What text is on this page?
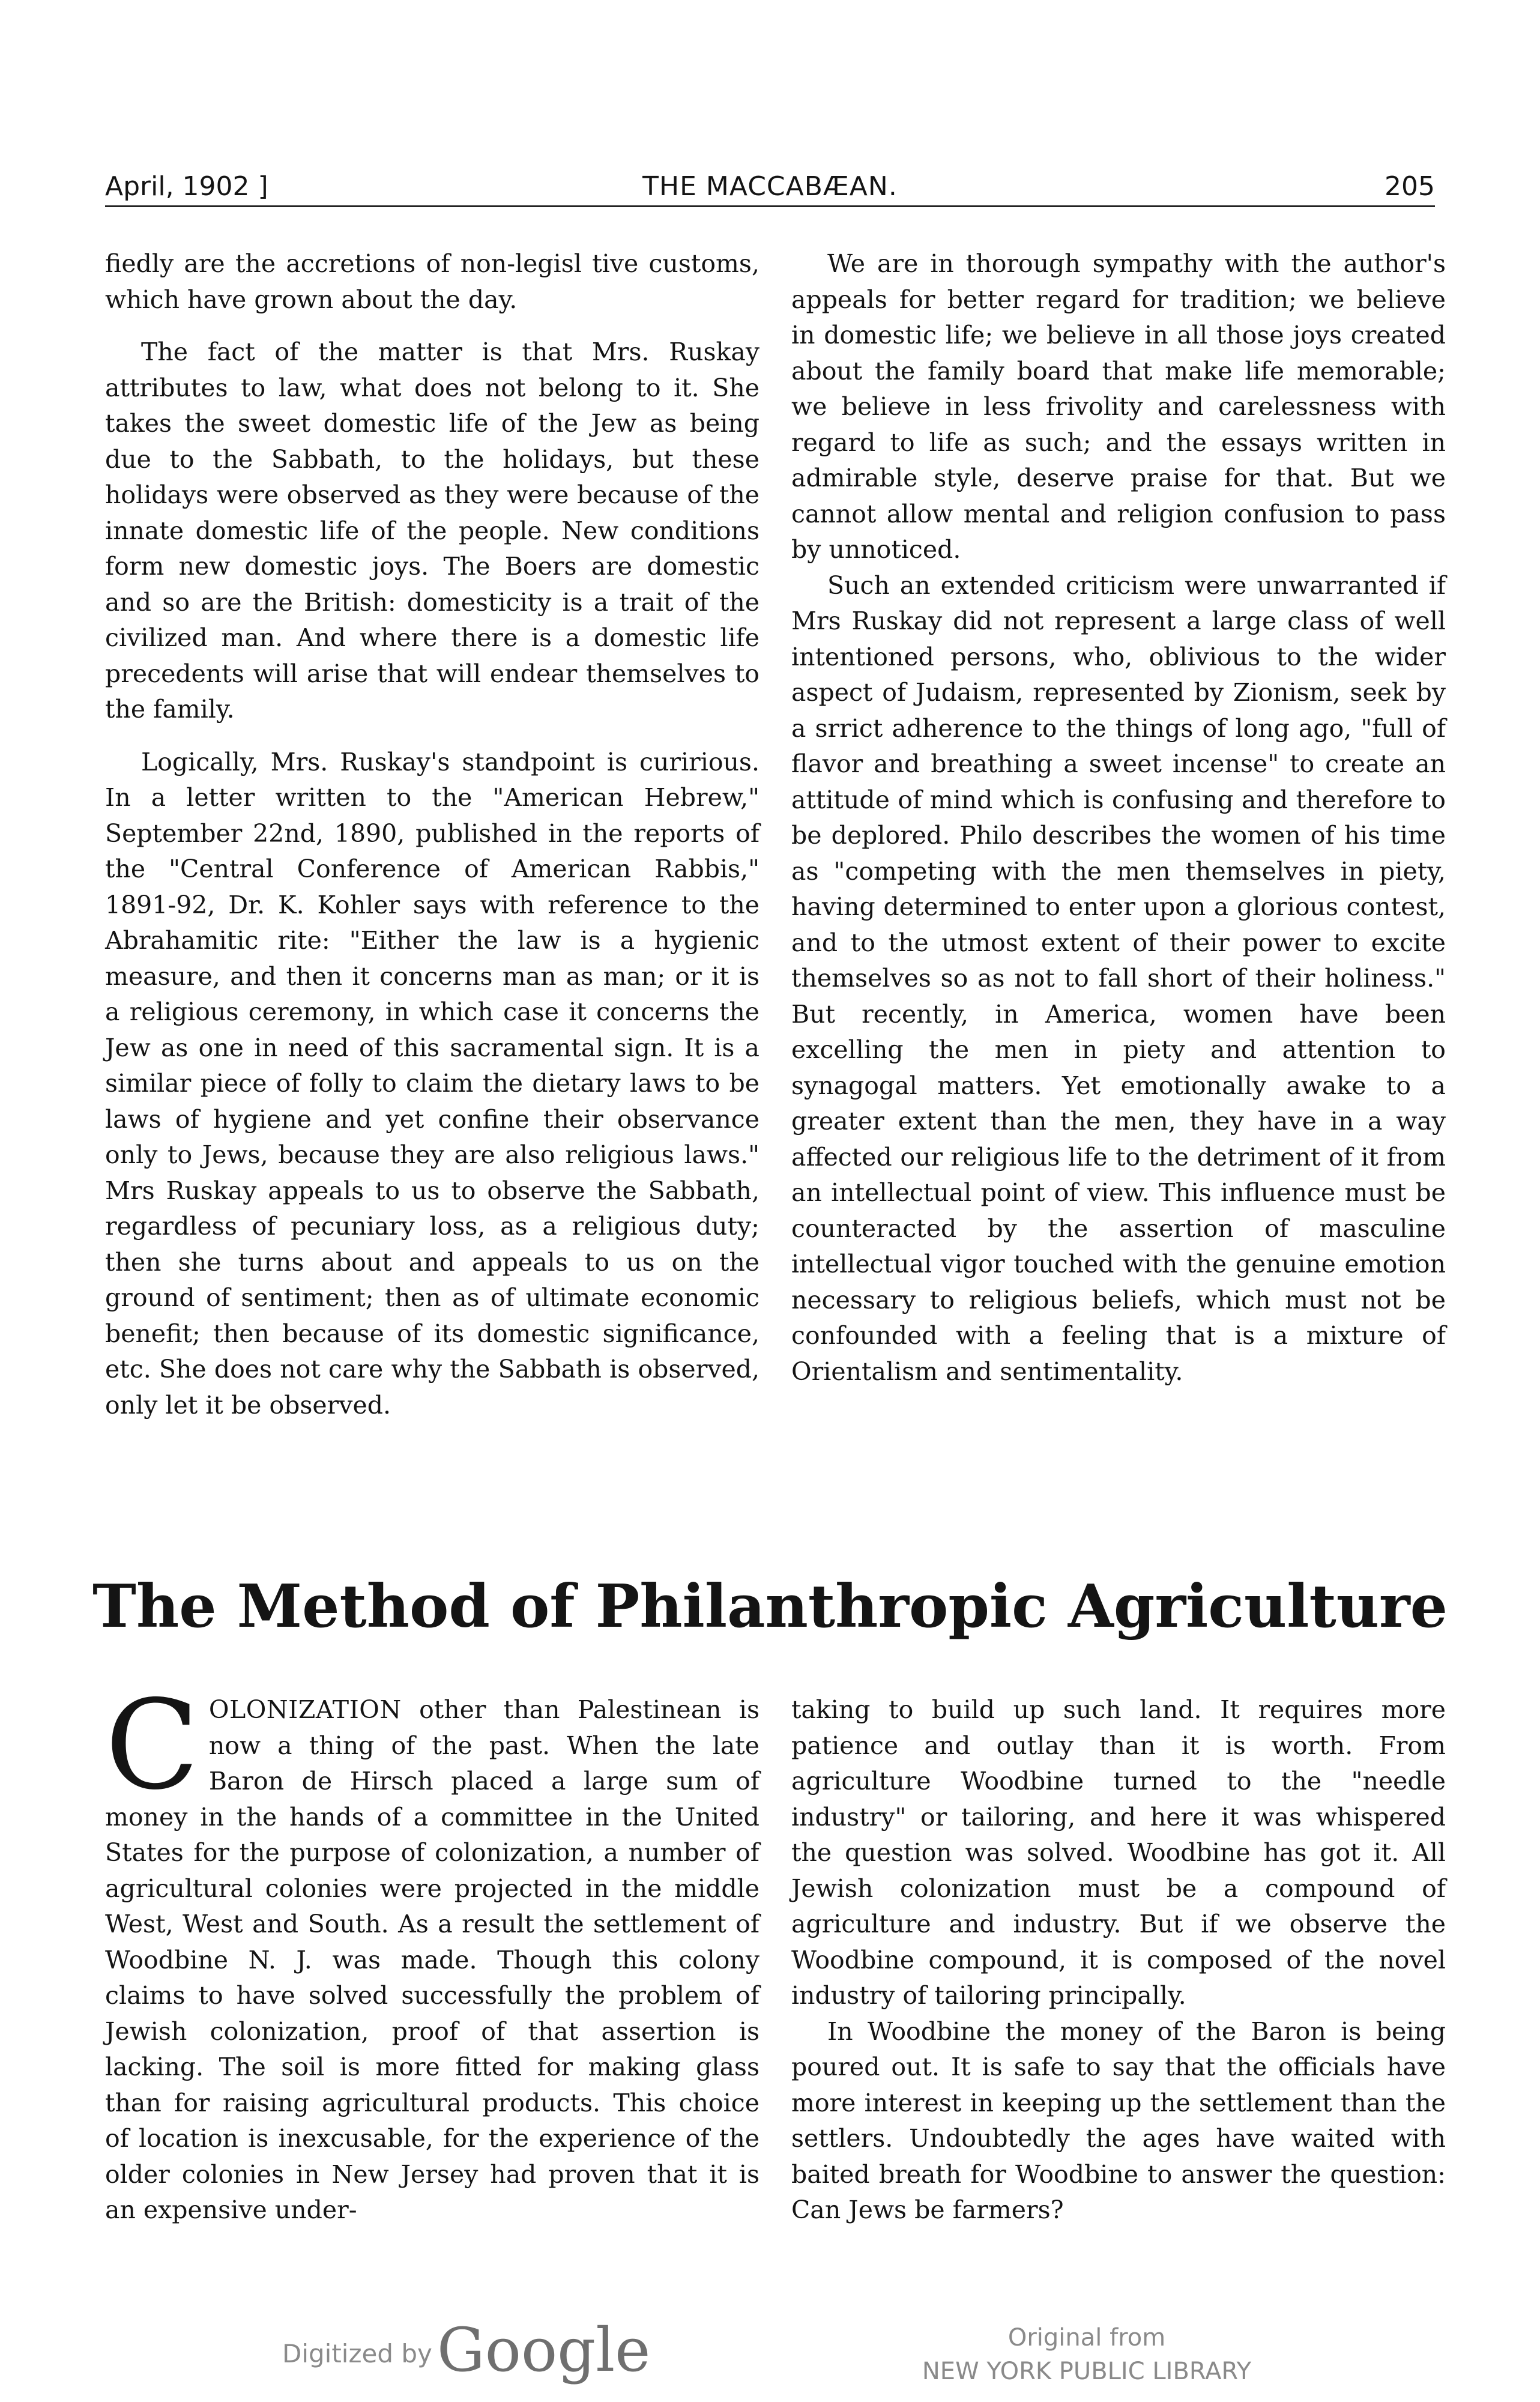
April, 1902 ]	THE MACCABÆAN.	205

fiedly are the accretions of non-legisl tive customs, which have grown about the day.

The fact of the matter is that Mrs. Ruskay attributes to law, what does not belong to it. She takes the sweet domestic life of the Jew as being due to the Sabbath, to the holidays, but these holidays were observed as they were because of the innate domestic life of the people. New conditions form new domestic joys. The Boers are domestic and so are the British: domesticity is a trait of the civilized man. And where there is a domestic life precedents will arise that will endear themselves to the family.

Logically, Mrs. Ruskay's standpoint is curirious. In a letter written to the "American Hebrew," September 22nd, 1890, published in the reports of the "Central Conference of American Rabbis," 1891-92, Dr. K. Kohler says with reference to the Abrahamitic rite: "Either the law is a hygienic measure, and then it concerns man as man; or it is a religious ceremony, in which case it concerns the Jew as one in need of this sacramental sign. It is a similar piece of folly to claim the dietary laws to be laws of hygiene and yet confine their observance only to Jews, because they are also religious laws." Mrs Ruskay appeals to us to observe the Sabbath, regardless of pecuniary loss, as a religious duty; then she turns about and appeals to us on the ground of sentiment; then as of ultimate economic benefit; then because of its domestic significance, etc. She does not care why the Sabbath is observed, only let it be observed.

We are in thorough sympathy with the author's appeals for better regard for tradition; we believe in domestic life; we believe in all those joys created about the family board that make life memorable; we believe in less frivolity and carelessness with regard to life as such; and the essays written in admirable style, deserve praise for that. But we cannot allow mental and religion confusion to pass by unnoticed.

Such an extended criticism were unwarranted if Mrs Ruskay did not represent a large class of well intentioned persons, who, oblivious to the wider aspect of Judaism, represented by Zionism, seek by a srrict adherence to the things of long ago, "full of flavor and breathing a sweet incense" to create an attitude of mind which is confusing and therefore to be deplored. Philo describes the women of his time as "competing with the men themselves in piety, having determined to enter upon a glorious contest, and to the utmost extent of their power to excite themselves so as not to fall short of their holiness." But recently, in America, women have been excelling the men in piety and attention to synagogal matters. Yet emotionally awake to a greater extent than the men, they have in a way affected our religious life to the detriment of it from an intellectual point of view. This influence must be counteracted by the assertion of masculine intellectual vigor touched with the genuine emotion necessary to religious beliefs, which must not be confounded with a feeling that is a mixture of Orientalism and sentimentality.

The Method of Philanthropic Agriculture

COLONIZATION other than Palestinean is now a thing of the past. When the late Baron de Hirsch placed a large sum of money in the hands of a committee in the United States for the purpose of colonization, a number of agricultural colonies were projected in the middle West, West and South. As a result the settlement of Woodbine N. J. was made. Though this colony claims to have solved successfully the problem of Jewish colonization, proof of that assertion is lacking. The soil is more fitted for making glass than for raising agricultural products. This choice of location is inexcusable, for the experience of the older colonies in New Jersey had proven that it is an expensive under-

taking to build up such land. It requires more patience and outlay than it is worth. From agriculture Woodbine turned to the "needle industry" or tailoring, and here it was whispered the question was solved. Woodbine has got it. All Jewish colonization must be a compound of agriculture and industry. But if we observe the Woodbine compound, it is composed of the novel industry of tailoring principally.

In Woodbine the money of the Baron is being poured out. It is safe to say that the officials have more interest in keeping up the settlement than the settlers. Undoubtedly the ages have waited with baited breath for Woodbine to answer the question: Can Jews be farmers?

Digitized byGoogle	Original from
NEW YORK PUBLIC LIBRARY
